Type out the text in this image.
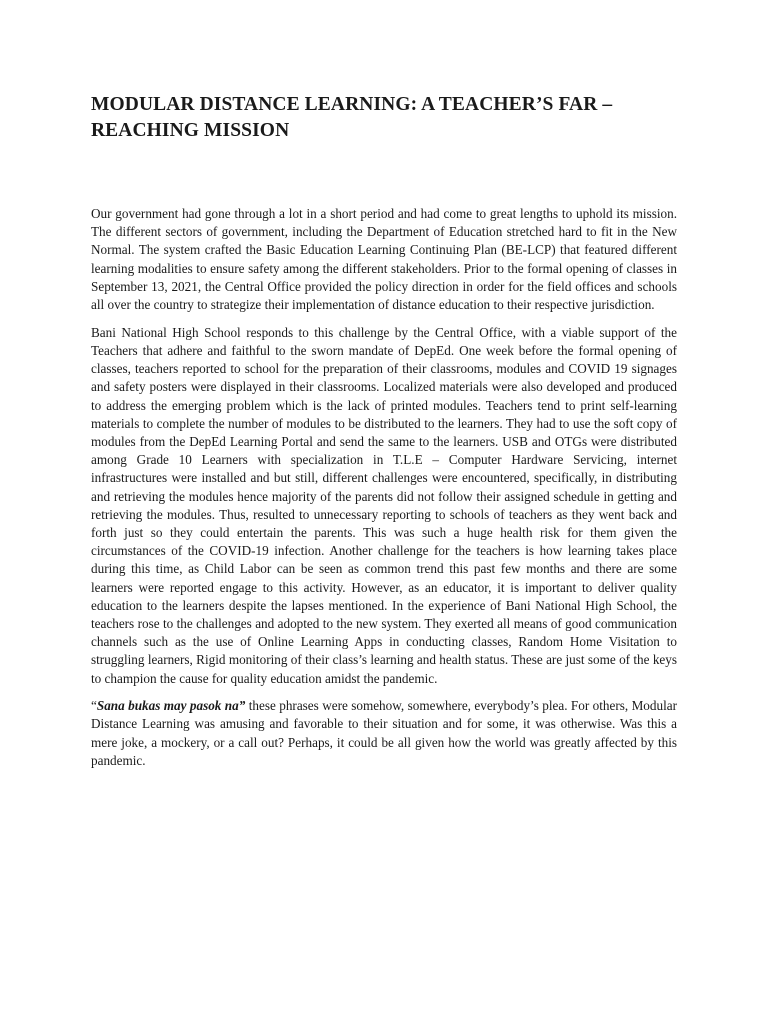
MODULAR DISTANCE LEARNING: A TEACHER’S FAR – REACHING MISSION

Our government had gone through a lot in a short period and had come to great lengths to uphold its mission. The different sectors of government, including the Department of Education stretched hard to fit in the New Normal. The system crafted the Basic Education Learning Continuing Plan (BE-LCP) that featured different learning modalities to ensure safety among the different stakeholders. Prior to the formal opening of classes in September 13, 2021, the Central Office provided the policy direction in order for the field offices and schools all over the country to strategize their implementation of distance education to their respective jurisdiction.

Bani National High School responds to this challenge by the Central Office, with a viable support of the Teachers that adhere and faithful to the sworn mandate of DepEd. One week before the formal opening of classes, teachers reported to school for the preparation of their classrooms, modules and COVID 19 signages and safety posters were displayed in their classrooms. Localized materials were also developed and produced to address the emerging problem which is the lack of printed modules. Teachers tend to print self-learning materials to complete the number of modules to be distributed to the learners. They had to use the soft copy of modules from the DepEd Learning Portal and send the same to the learners. USB and OTGs were distributed among Grade 10 Learners with specialization in T.L.E – Computer Hardware Servicing, internet infrastructures were installed and but still, different challenges were encountered, specifically, in distributing and retrieving the modules hence majority of the parents did not follow their assigned schedule in getting and retrieving the modules. Thus, resulted to unnecessary reporting to schools of teachers as they went back and forth just so they could entertain the parents. This was such a huge health risk for them given the circumstances of the COVID-19 infection. Another challenge for the teachers is how learning takes place during this time, as Child Labor can be seen as common trend this past few months and there are some learners were reported engage to this activity. However, as an educator, it is important to deliver quality education to the learners despite the lapses mentioned. In the experience of Bani National High School, the teachers rose to the challenges and adopted to the new system. They exerted all means of good communication channels such as the use of Online Learning Apps in conducting classes, Random Home Visitation to struggling learners, Rigid monitoring of their class’s learning and health status. These are just some of the keys to champion the cause for quality education amidst the pandemic.

“Sana bukas may pasok na” these phrases were somehow, somewhere, everybody’s plea. For others, Modular Distance Learning was amusing and favorable to their situation and for some, it was otherwise. Was this a mere joke, a mockery, or a call out? Perhaps, it could be all given how the world was greatly affected by this pandemic.
